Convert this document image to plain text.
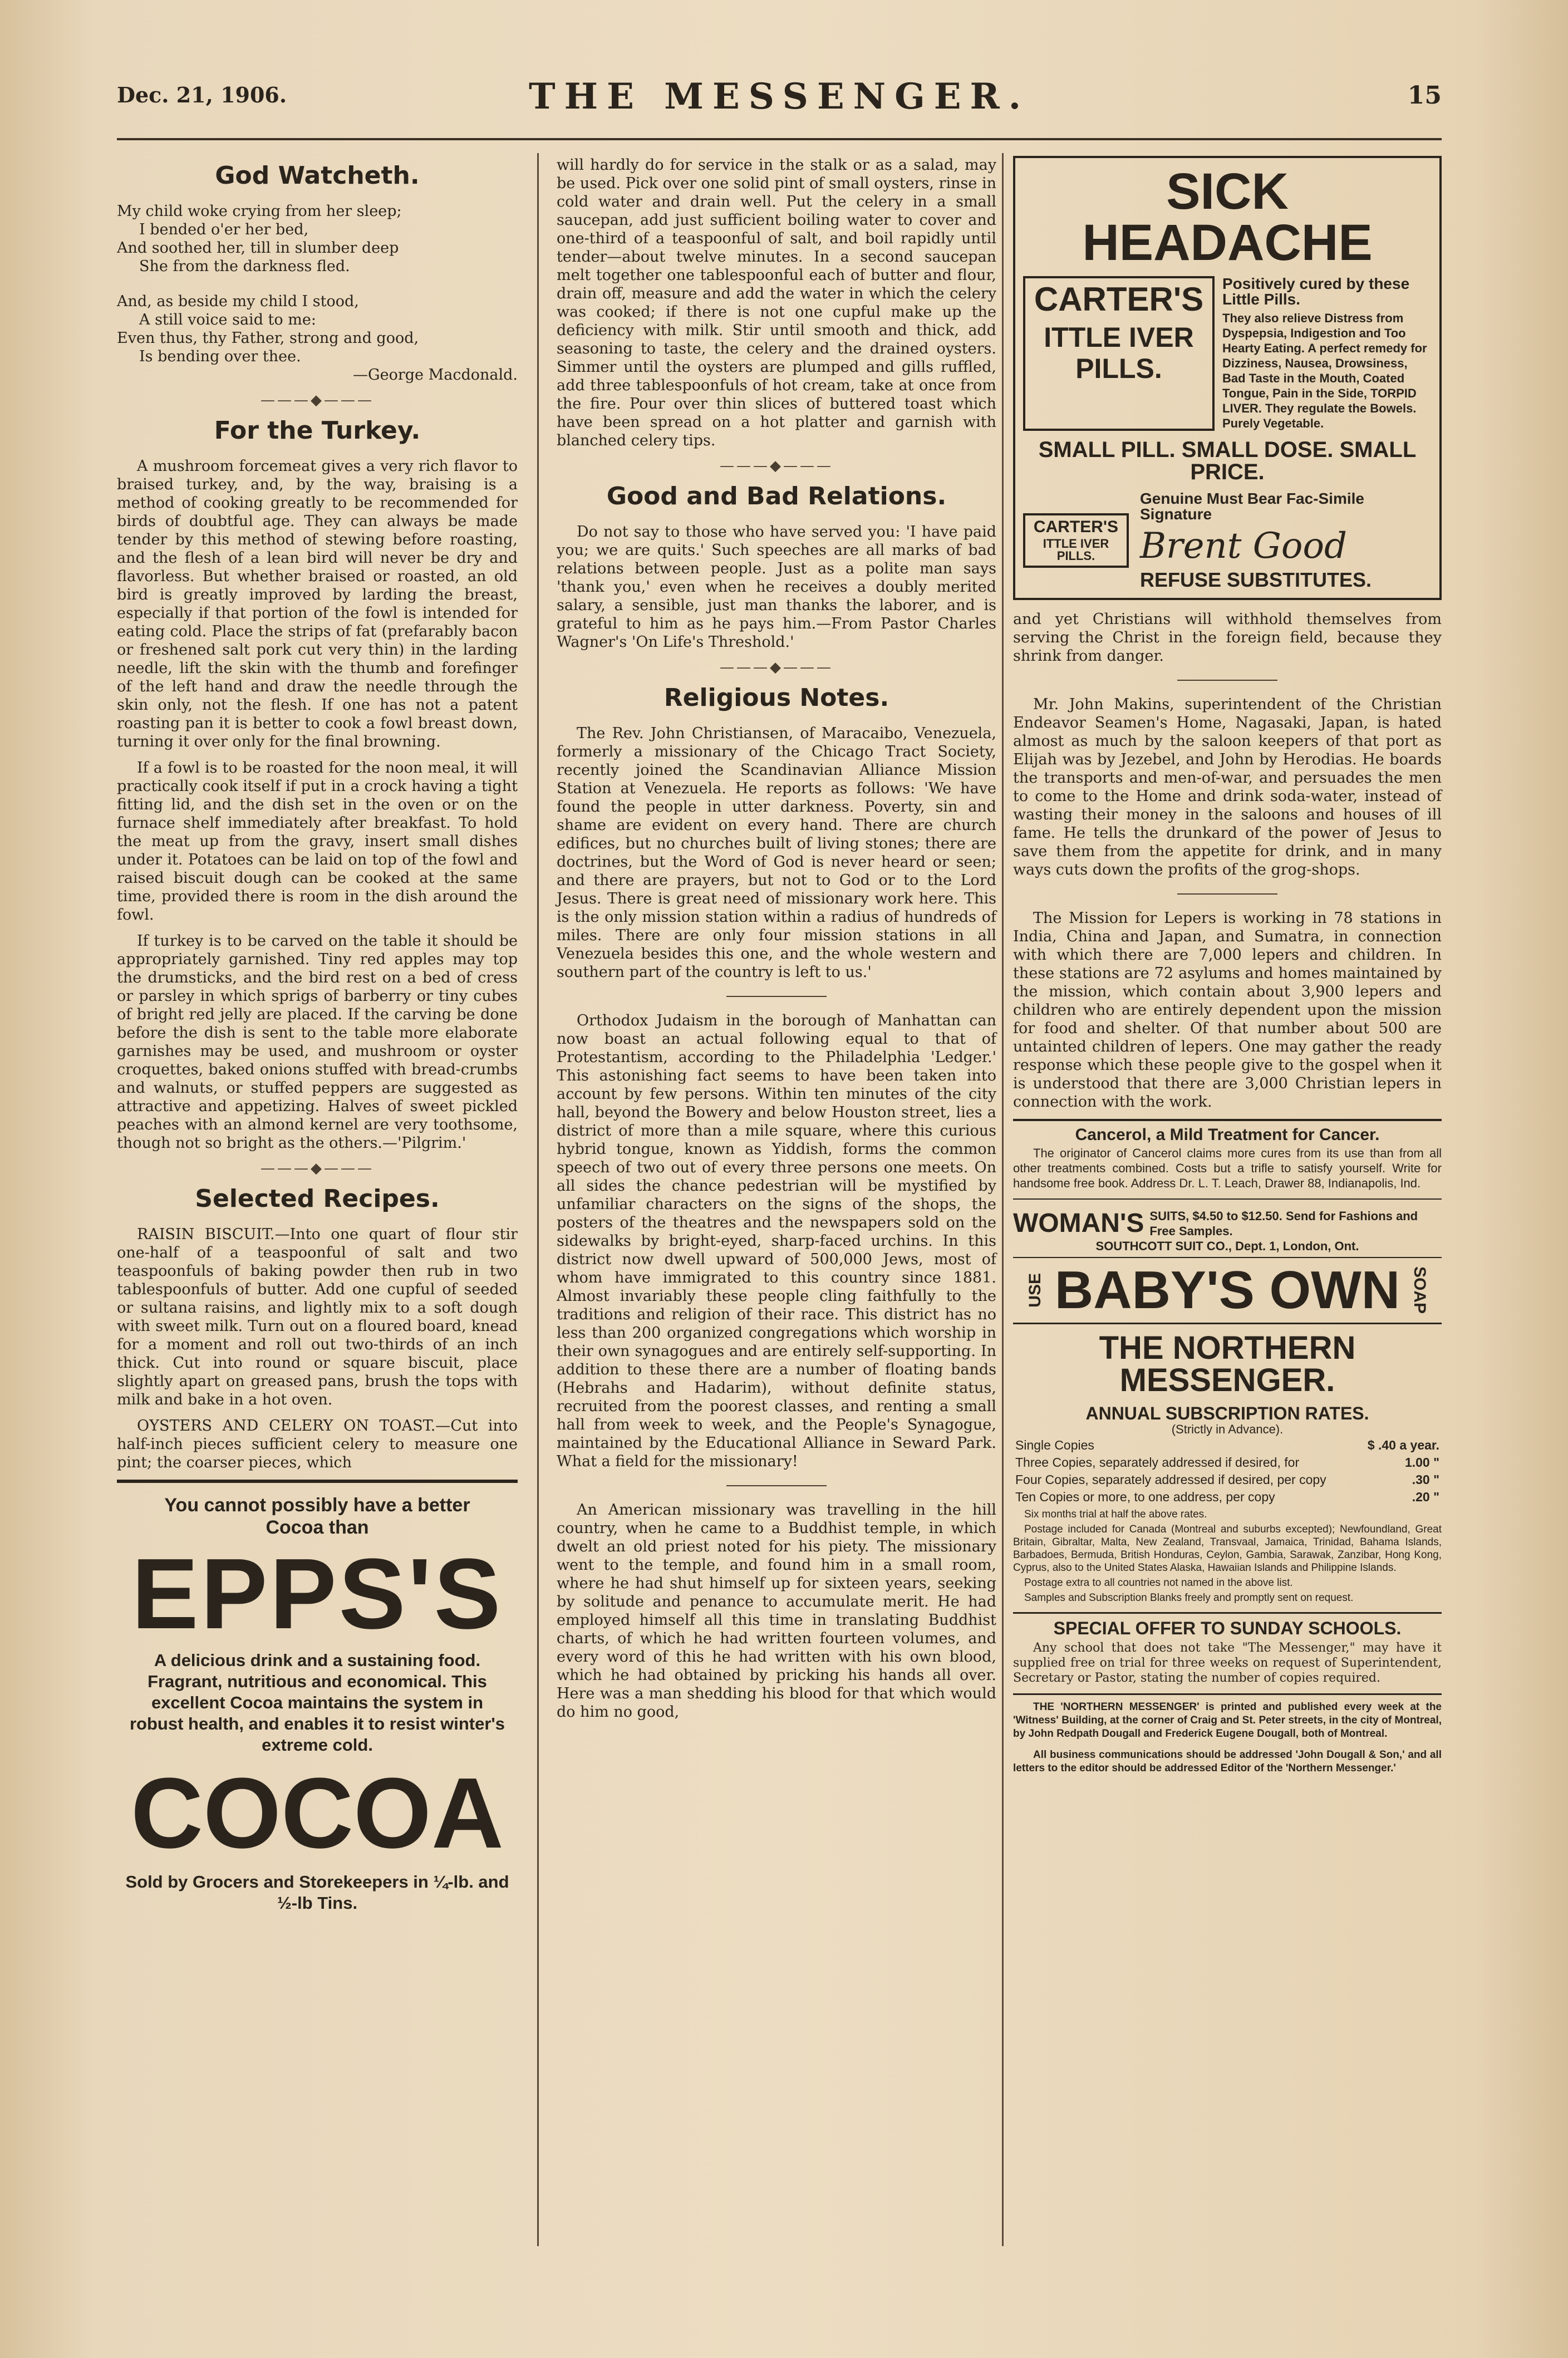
Dec. 21, 1906.	THE MESSENGER.	15
God Watcheth.

My child woke crying from her sleep;

I bended o'er her bed,

And soothed her, till in slumber deep

She from the darkness fled.

And, as beside my child I stood,

A still voice said to me:

Even thus, thy Father, strong and good,

Is bending over thee.

—George Macdonald.

———◆———
For the Turkey.

A mushroom forcemeat gives a very rich flavor to braised turkey, and, by the way, braising is a method of cooking greatly to be recommended for birds of doubtful age. They can always be made tender by this method of stewing before roasting, and the flesh of a lean bird will never be dry and flavorless. But whether braised or roasted, an old bird is greatly improved by larding the breast, especially if that portion of the fowl is intended for eating cold. Place the strips of fat (prefarably bacon or freshened salt pork cut very thin) in the larding needle, lift the skin with the thumb and forefinger of the left hand and draw the needle through the skin only, not the flesh. If one has not a patent roasting pan it is better to cook a fowl breast down, turning it over only for the final browning.

If a fowl is to be roasted for the noon meal, it will practically cook itself if put in a crock having a tight fitting lid, and the dish set in the oven or on the furnace shelf immediately after breakfast. To hold the meat up from the gravy, insert small dishes under it. Potatoes can be laid on top of the fowl and raised biscuit dough can be cooked at the same time, provided there is room in the dish around the fowl.

If turkey is to be carved on the table it should be appropriately garnished. Tiny red apples may top the drumsticks, and the bird rest on a bed of cress or parsley in which sprigs of barberry or tiny cubes of bright red jelly are placed. If the carving be done before the dish is sent to the table more elaborate garnishes may be used, and mushroom or oyster croquettes, baked onions stuffed with bread-crumbs and walnuts, or stuffed peppers are suggested as attractive and appetizing. Halves of sweet pickled peaches with an almond kernel are very toothsome, though not so bright as the others.—'Pilgrim.'

———◆———
Selected Recipes.

RAISIN BISCUIT.—Into one quart of flour stir one-half of a teaspoonful of salt and two teaspoonfuls of baking powder then rub in two tablespoonfuls of butter. Add one cupful of seeded or sultana raisins, and lightly mix to a soft dough with sweet milk. Turn out on a floured board, knead for a moment and roll out two-thirds of an inch thick. Cut into round or square biscuit, place slightly apart on greased pans, brush the tops with milk and bake in a hot oven.

OYSTERS AND CELERY ON TOAST.—Cut into half-inch pieces sufficient celery to measure one pint; the coarser pieces, which

You cannot possibly have a better Cocoa than
EPPS'S
A delicious drink and a sustaining food. Fragrant, nutritious and economical. This excellent Cocoa maintains the system in robust health, and enables it to resist winter's extreme cold.
COCOA
Sold by Grocers and Storekeepers in ¼-lb. and ½-lb Tins.

will hardly do for service in the stalk or as a salad, may be used. Pick over one solid pint of small oysters, rinse in cold water and drain well. Put the celery in a small saucepan, add just sufficient boiling water to cover and one-third of a teaspoonful of salt, and boil rapidly until tender—about twelve minutes. In a second saucepan melt together one tablespoonful each of butter and flour, drain off, measure and add the water in which the celery was cooked; if there is not one cupful make up the deficiency with milk. Stir until smooth and thick, add seasoning to taste, the celery and the drained oysters. Simmer until the oysters are plumped and gills ruffled, add three tablespoonfuls of hot cream, take at once from the fire. Pour over thin slices of buttered toast which have been spread on a hot platter and garnish with blanched celery tips.

———◆———
Good and Bad Relations.

Do not say to those who have served you: 'I have paid you; we are quits.' Such speeches are all marks of bad relations between people. Just as a polite man says 'thank you,' even when he receives a doubly merited salary, a sensible, just man thanks the laborer, and is grateful to him as he pays him.—From Pastor Charles Wagner's 'On Life's Threshold.'

———◆———
Religious Notes.

The Rev. John Christiansen, of Maracaibo, Venezuela, formerly a missionary of the Chicago Tract Society, recently joined the Scandinavian Alliance Mission Station at Venezuela. He reports as follows: 'We have found the people in utter darkness. Poverty, sin and shame are evident on every hand. There are church edifices, but no churches built of living stones; there are doctrines, but the Word of God is never heard or seen; and there are prayers, but not to God or to the Lord Jesus. There is great need of missionary work here. This is the only mission station within a radius of hundreds of miles. There are only four mission stations in all Venezuela besides this one, and the whole western and southern part of the country is left to us.'

Orthodox Judaism in the borough of Manhattan can now boast an actual following equal to that of Protestantism, according to the Philadelphia 'Ledger.' This astonishing fact seems to have been taken into account by few persons. Within ten minutes of the city hall, beyond the Bowery and below Houston street, lies a district of more than a mile square, where this curious hybrid tongue, known as Yiddish, forms the common speech of two out of every three persons one meets. On all sides the chance pedestrian will be mystified by unfamiliar characters on the signs of the shops, the posters of the theatres and the newspapers sold on the sidewalks by bright-eyed, sharp-faced urchins. In this district now dwell upward of 500,000 Jews, most of whom have immigrated to this country since 1881. Almost invariably these people cling faithfully to the traditions and religion of their race. This district has no less than 200 organized congregations which worship in their own synagogues and are entirely self-supporting. In addition to these there are a number of floating bands (Hebrahs and Hadarim), without definite status, recruited from the poorest classes, and renting a small hall from week to week, and the People's Synagogue, maintained by the Educational Alliance in Seward Park. What a field for the missionary!

An American missionary was travelling in the hill country, when he came to a Buddhist temple, in which dwelt an old priest noted for his piety. The missionary went to the temple, and found him in a small room, where he had shut himself up for sixteen years, seeking by solitude and penance to accumulate merit. He had employed himself all this time in translating Buddhist charts, of which he had written fourteen volumes, and every word of this he had written with his own blood, which he had obtained by pricking his hands all over. Here was a man shedding his blood for that which would do him no good,

SICK HEADACHE
CARTER'S
ITTLE IVER PILLS.
Positively cured by these Little Pills.
They also relieve Distress from Dyspepsia, Indigestion and Too Hearty Eating. A perfect remedy for Dizziness, Nausea, Drowsiness, Bad Taste in the Mouth, Coated Tongue, Pain in the Side, TORPID LIVER. They regulate the Bowels. Purely Vegetable.
SMALL PILL. SMALL DOSE. SMALL PRICE.
CARTER'S
ITTLE IVER PILLS.
Genuine Must Bear Fac-Simile Signature
Brent Good
REFUSE SUBSTITUTES.

and yet Christians will withhold themselves from serving the Christ in the foreign field, because they shrink from danger.

Mr. John Makins, superintendent of the Christian Endeavor Seamen's Home, Nagasaki, Japan, is hated almost as much by the saloon keepers of that port as Elijah was by Jezebel, and John by Herodias. He boards the transports and men-of-war, and persuades the men to come to the Home and drink soda-water, instead of wasting their money in the saloons and houses of ill fame. He tells the drunkard of the power of Jesus to save them from the appetite for drink, and in many ways cuts down the profits of the grog-shops.

The Mission for Lepers is working in 78 stations in India, China and Japan, and Sumatra, in connection with which there are 7,000 lepers and children. In these stations are 72 asylums and homes maintained by the mission, which contain about 3,900 lepers and children who are entirely dependent upon the mission for food and shelter. Of that number about 500 are untainted children of lepers. One may gather the ready response which these people give to the gospel when it is understood that there are 3,000 Christian lepers in connection with the work.

Cancerol, a Mild Treatment for Cancer.

The originator of Cancerol claims more cures from its use than from all other treatments combined. Costs but a trifle to satisfy yourself. Write for handsome free book. Address Dr. L. T. Leach, Drawer 88, Indianapolis, Ind.

WOMAN'S SUITS, $4.50 to $12.50. Send for Fashions and Free Samples.
SOUTHCOTT SUIT CO., Dept. 1, London, Ont.
USE BABY'S OWN SOAP
THE NORTHERN MESSENGER.
ANNUAL SUBSCRIPTION RATES.
(Strictly in Advance).
Single Copies	$ .40 a year.
Three Copies, separately addressed if desired, for	1.00 "
Four Copies, separately addressed if desired, per copy	.30 "
Ten Copies or more, to one address, per copy	.20 "

Six months trial at half the above rates.

Postage included for Canada (Montreal and suburbs excepted); Newfoundland, Great Britain, Gibraltar, Malta, New Zealand, Transvaal, Jamaica, Trinidad, Bahama Islands, Barbadoes, Bermuda, British Honduras, Ceylon, Gambia, Sarawak, Zanzibar, Hong Kong, Cyprus, also to the United States Alaska, Hawaiian Islands and Philippine Islands.

Postage extra to all countries not named in the above list.

Samples and Subscription Blanks freely and promptly sent on request.

SPECIAL OFFER TO SUNDAY SCHOOLS.

Any school that does not take "The Messenger," may have it supplied free on trial for three weeks on request of Superintendent, Secretary or Pastor, stating the number of copies required.

THE 'NORTHERN MESSENGER' is printed and published every week at the 'Witness' Building, at the corner of Craig and St. Peter streets, in the city of Montreal, by John Redpath Dougall and Frederick Eugene Dougall, both of Montreal.

All business communications should be addressed 'John Dougall & Son,' and all letters to the editor should be addressed Editor of the 'Northern Messenger.'
